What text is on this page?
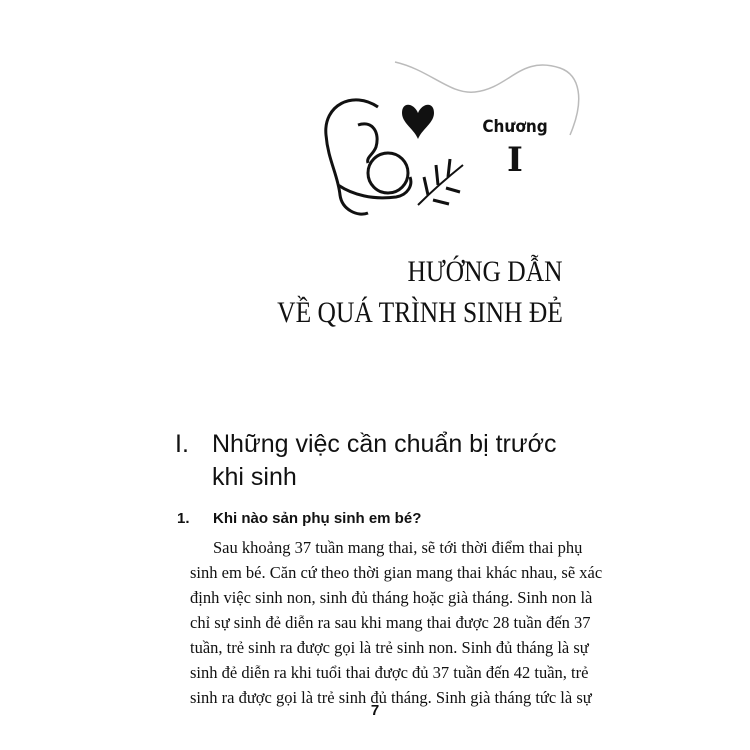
Chương
I
HƯỚNG DẪN
VỀ QUÁ TRÌNH SINH ĐẺ
I. Những việc cần chuẩn bị trước
khi sinh
1. Khi nào sản phụ sinh em bé?
Sau khoảng 37 tuần mang thai, sẽ tới thời điểm thai phụ
sinh em bé. Căn cứ theo thời gian mang thai khác nhau, sẽ xác
định việc sinh non, sinh đủ tháng hoặc già tháng. Sinh non là
chỉ sự sinh đẻ diễn ra sau khi mang thai được 28 tuần đến 37
tuần, trẻ sinh ra được gọi là trẻ sinh non. Sinh đủ tháng là sự
sinh đẻ diễn ra khi tuổi thai được đủ 37 tuần đến 42 tuần, trẻ
sinh ra được gọi là trẻ sinh đủ tháng. Sinh già tháng tức là sự
7
